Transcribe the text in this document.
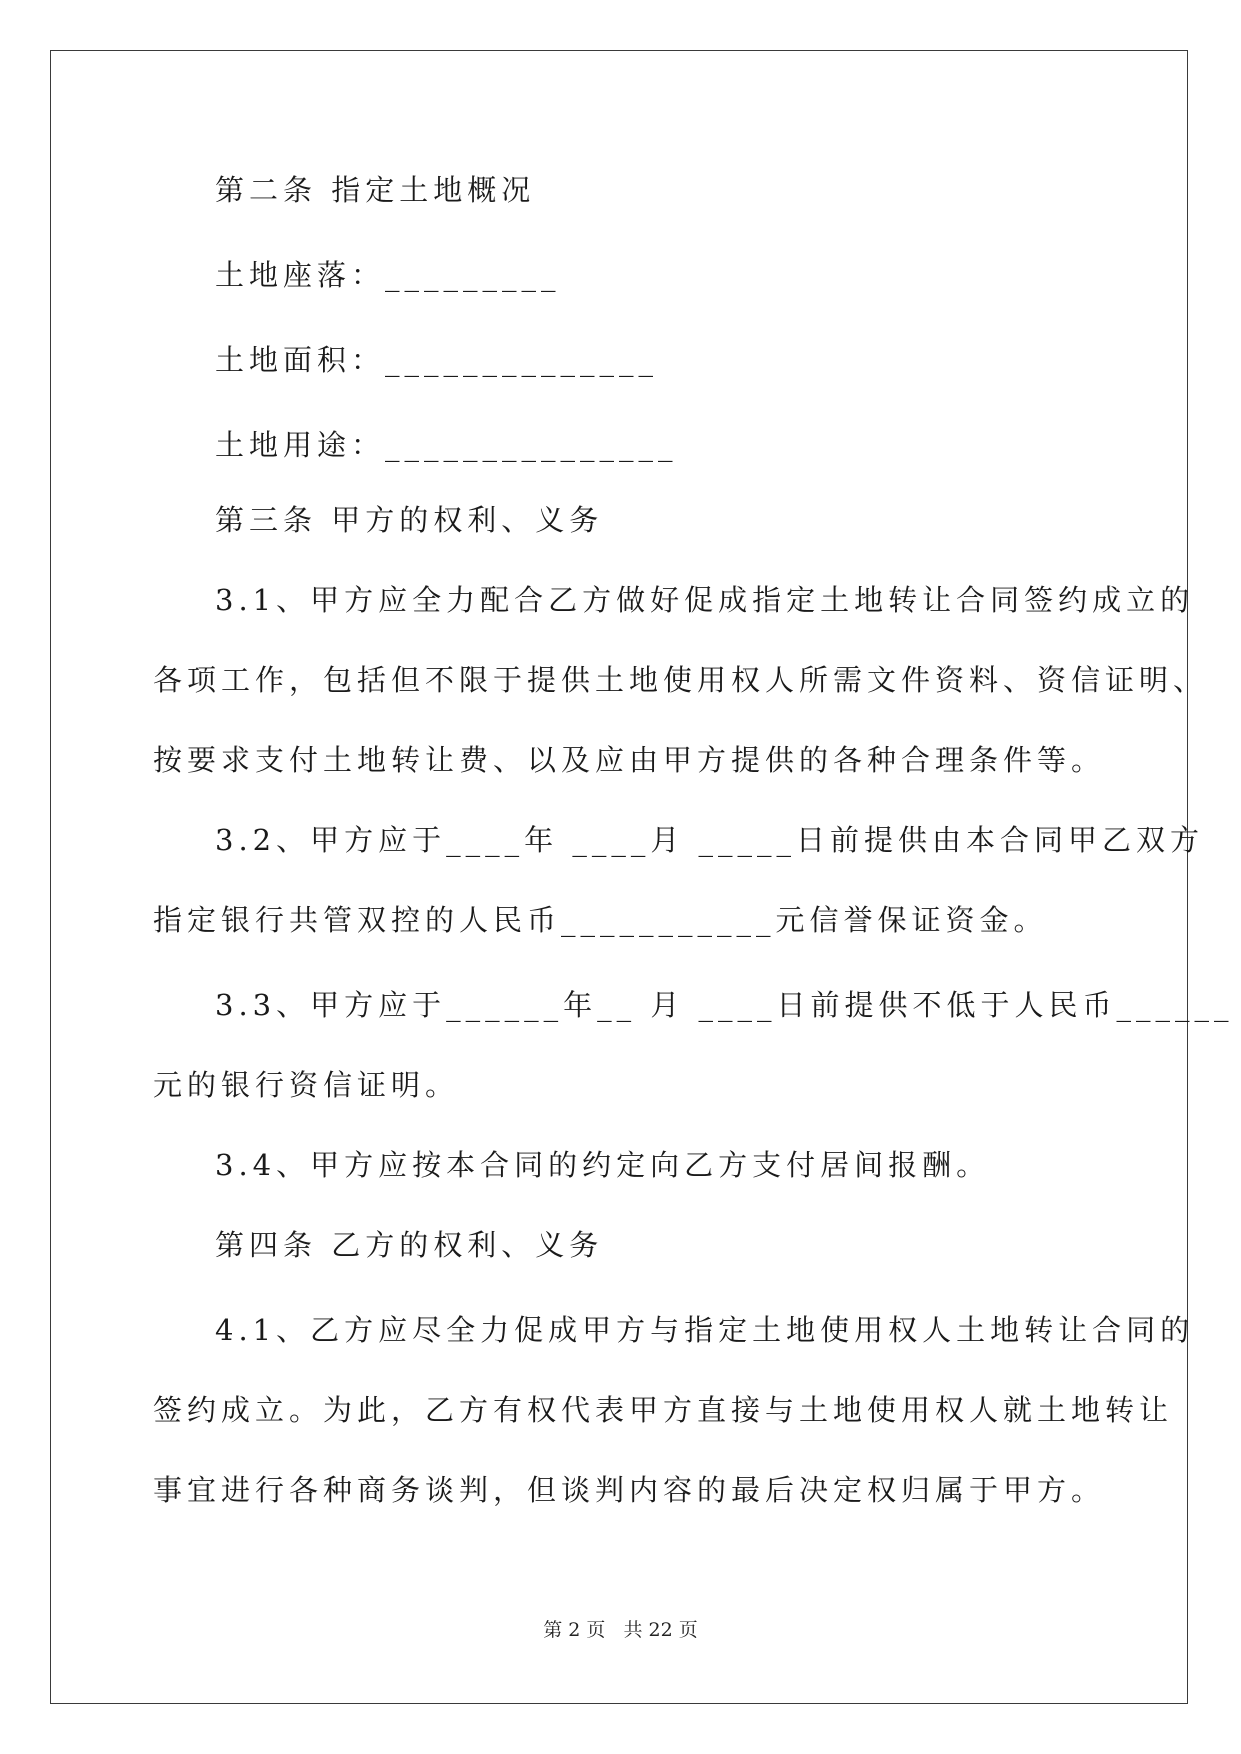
第二条 指定土地概况
土地座落：_________
土地面积：______________
土地用途：_______________
第三条 甲方的权利、义务
3.1、甲方应全力配合乙方做好促成指定土地转让合同签约成立的
各项工作，包括但不限于提供土地使用权人所需文件资料、资信证明、
按要求支付土地转让费、以及应由甲方提供的各种合理条件等。
3.2、甲方应于____年 ____月 _____日前提供由本合同甲乙双方
指定银行共管双控的人民币___________元信誉保证资金。
3.3、甲方应于______年__ 月 ____日前提供不低于人民币______
元的银行资信证明。
3.4、甲方应按本合同的约定向乙方支付居间报酬。
第四条 乙方的权利、义务
4.1、乙方应尽全力促成甲方与指定土地使用权人土地转让合同的
签约成立。为此，乙方有权代表甲方直接与土地使用权人就土地转让
事宜进行各种商务谈判，但谈判内容的最后决定权归属于甲方。
第 2 页 共 22 页
